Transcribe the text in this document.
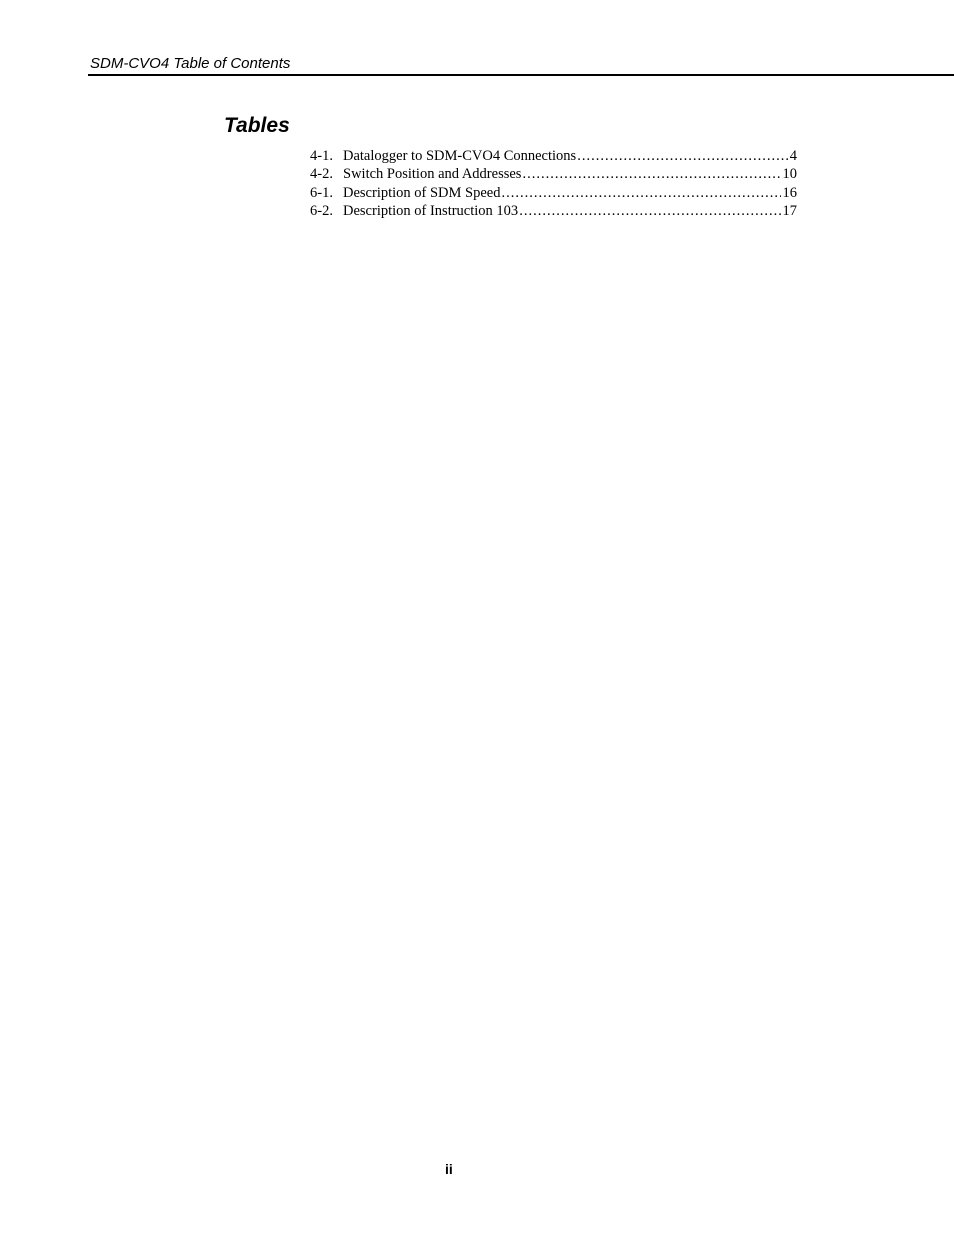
SDM-CVO4 Table of Contents
Tables
4-1. Datalogger to SDM-CVO4 Connections .....	4
4-2. Switch Position and Addresses .....	10
6-1. Description of SDM Speed .....	16
6-2. Description of Instruction 103 .....	17
ii
